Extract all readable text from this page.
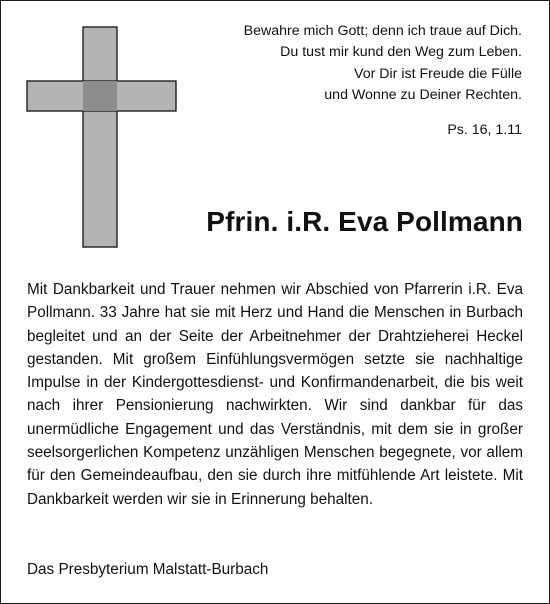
Bewahre mich Gott; denn ich traue auf Dich.
Du tust mir kund den Weg zum Leben.
Vor Dir ist Freude die Fülle
und Wonne zu Deiner Rechten.
Ps. 16, 1.11
Pfrin. i.R. Eva Pollmann

Mit Dankbarkeit und Trauer nehmen wir Abschied von Pfarrerin i.R. Eva Pollmann. 33 Jahre hat sie mit Herz und Hand die Menschen in Burbach begleitet und an der Seite der Arbeitnehmer der Drahtzieherei Heckel gestanden. Mit großem Einfühlungsvermögen setzte sie nachhaltige Impulse in der Kindergottesdienst- und Konfirmandenarbeit, die bis weit nach ihrer Pensionierung nachwirkten. Wir sind dankbar für das unermüdliche Engagement und das Verständnis, mit dem sie in großer seelsorgerlichen Kompetenz unzähligen Menschen begegnete, vor allem für den Gemeindeaufbau, den sie durch ihre mitfühlende Art leistete. Mit Dankbarkeit werden wir sie in Erinnerung behalten.

Das Presbyterium Malstatt-Burbach
